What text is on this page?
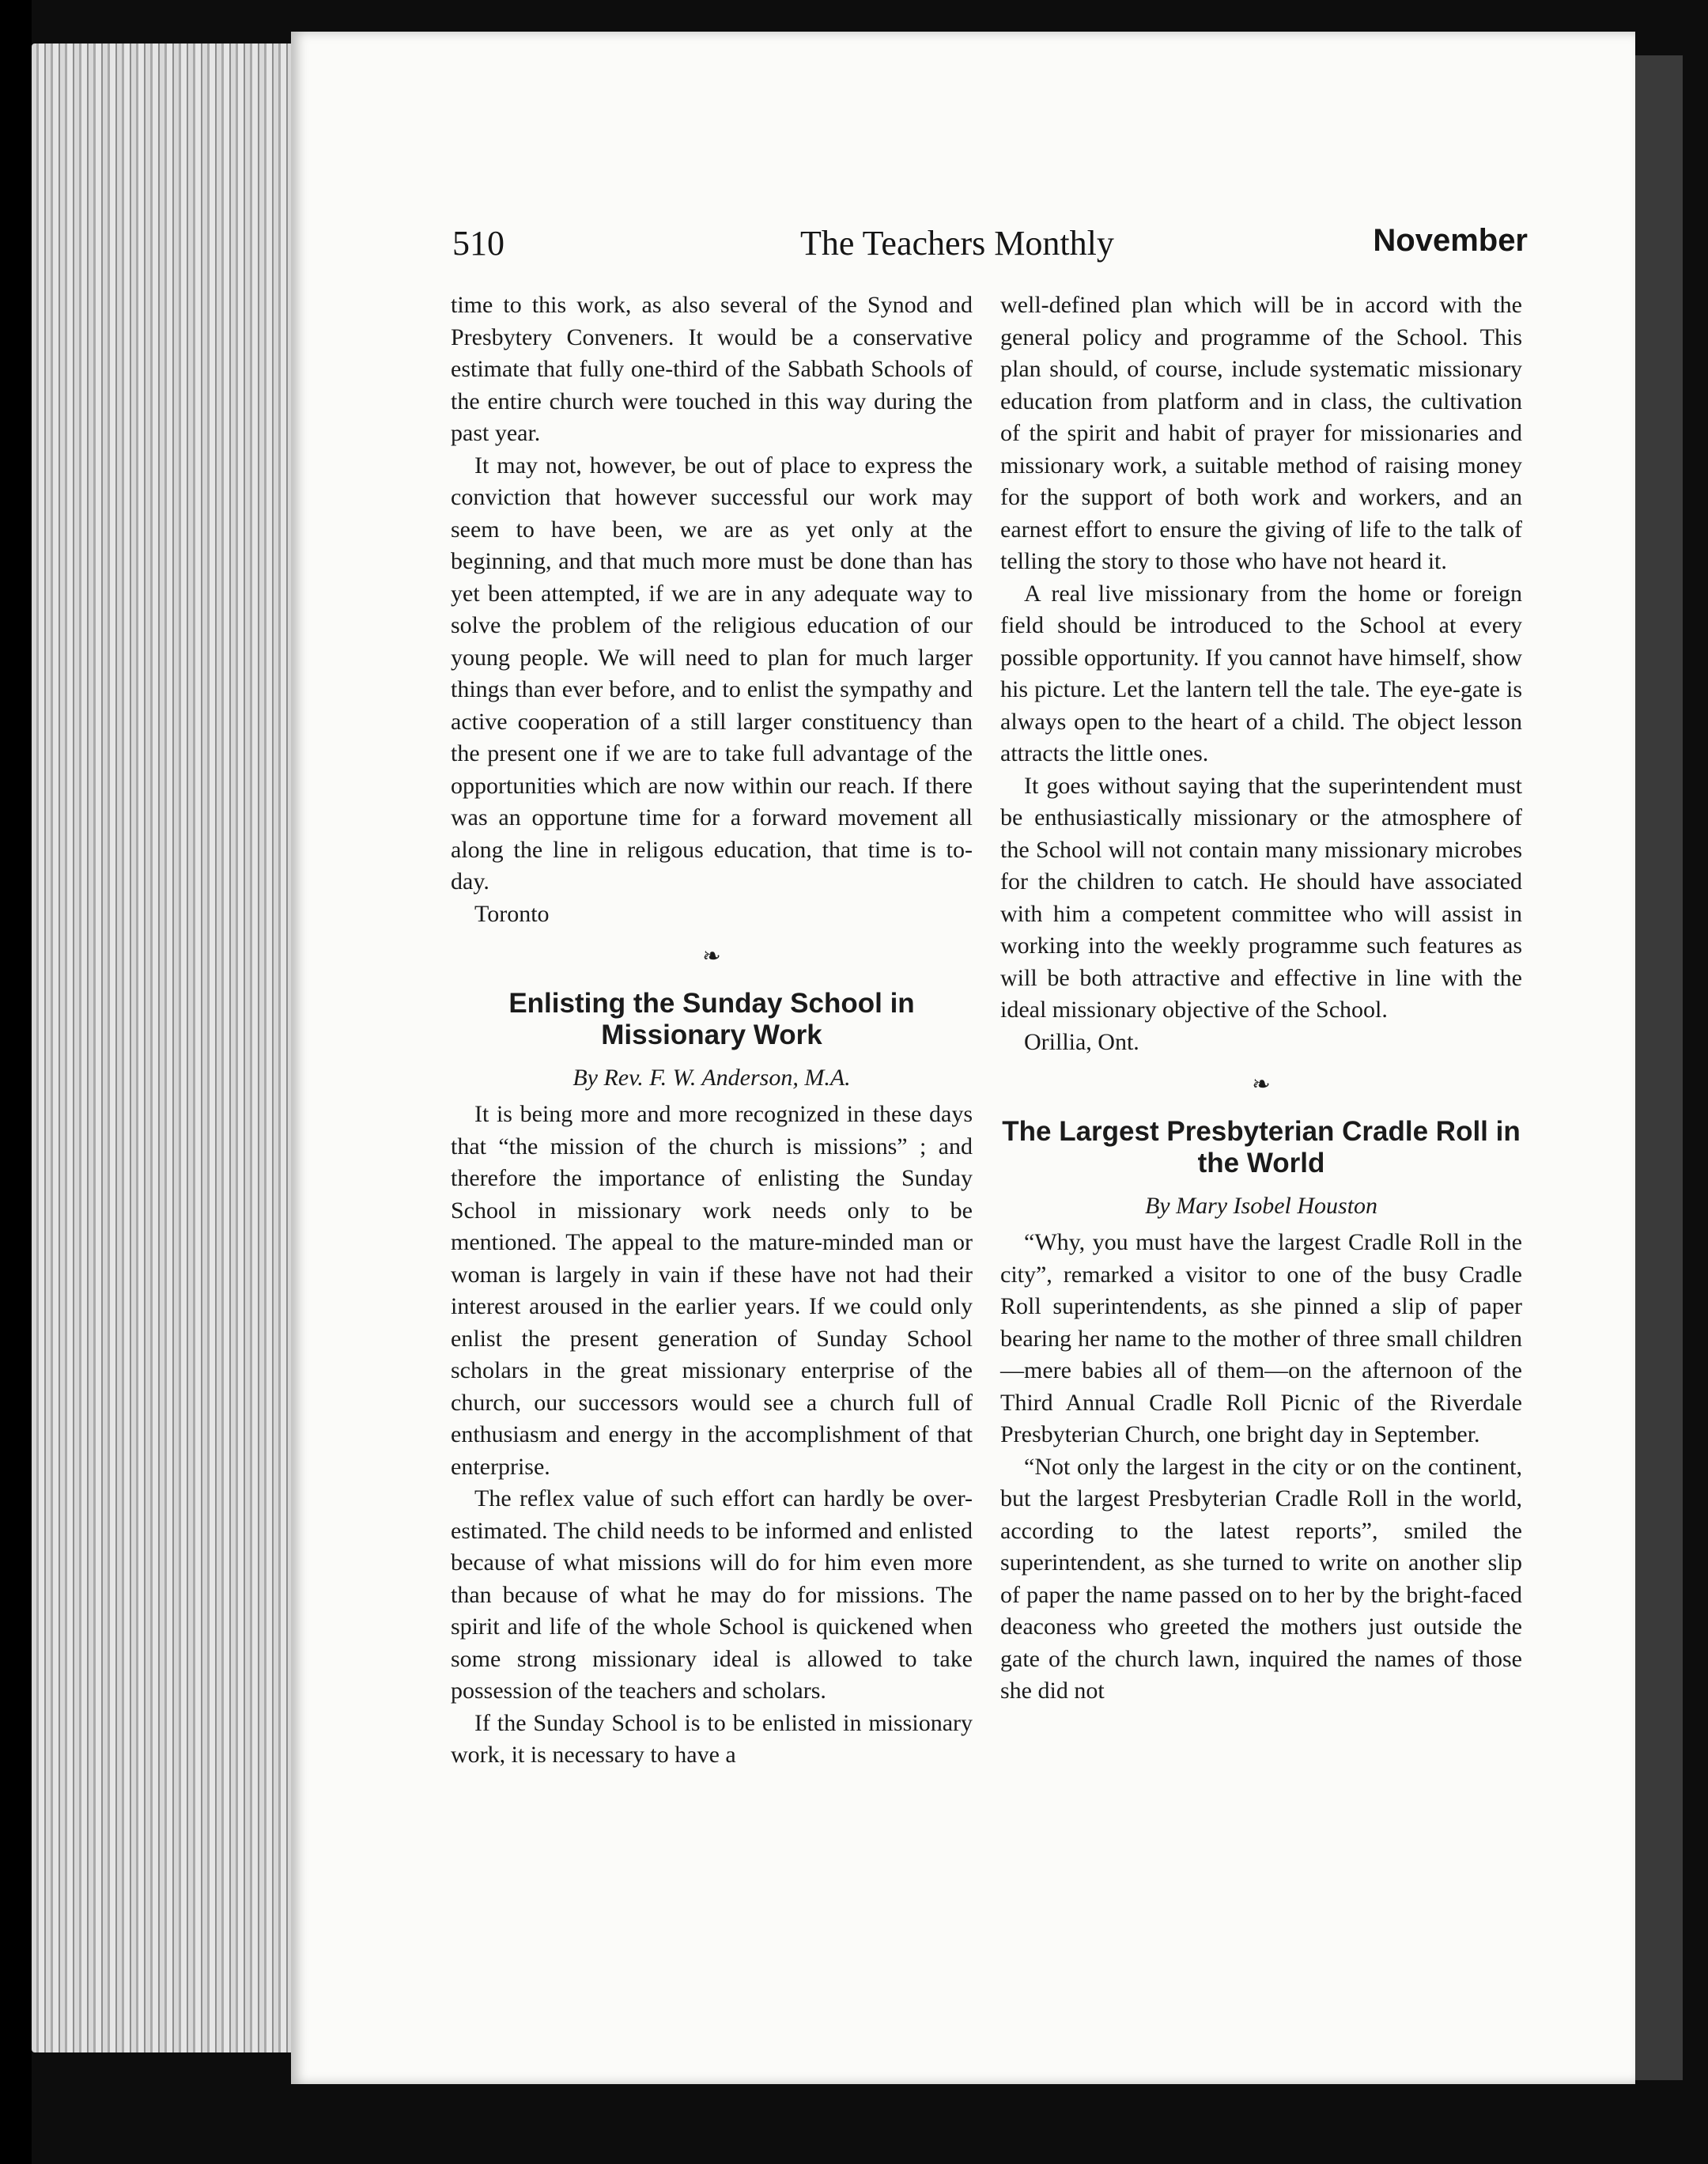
510	The Teachers Monthly	November

time to this work, as also several of the Synod and Presbytery Conveners. It would be a conservative estimate that fully one-third of the Sabbath Schools of the entire church were touched in this way during the past year.

It may not, however, be out of place to express the conviction that however successful our work may seem to have been, we are as yet only at the beginning, and that much more must be done than has yet been attempted, if we are in any adequate way to solve the problem of the religious education of our young people. We will need to plan for much larger things than ever before, and to enlist the sympathy and active cooperation of a still larger constituency than the present one if we are to take full advantage of the opportunities which are now within our reach. If there was an opportune time for a forward movement all along the line in religous education, that time is to-day.

Toronto

❧
Enlisting the Sunday School in Missionary Work
By Rev. F. W. Anderson, M.A.

It is being more and more recognized in these days that “the mission of the church is missions” ; and therefore the importance of enlisting the Sunday School in missionary work needs only to be mentioned. The appeal to the mature-minded man or woman is largely in vain if these have not had their interest aroused in the earlier years. If we could only enlist the present generation of Sunday School scholars in the great missionary enterprise of the church, our successors would see a church full of enthusiasm and energy in the accomplishment of that enterprise.

The reflex value of such effort can hardly be over-estimated. The child needs to be informed and enlisted because of what missions will do for him even more than because of what he may do for missions. The spirit and life of the whole School is quickened when some strong missionary ideal is allowed to take possession of the teachers and scholars.

If the Sunday School is to be enlisted in missionary work, it is necessary to have a

well-defined plan which will be in accord with the general policy and programme of the School. This plan should, of course, include systematic missionary education from platform and in class, the cultivation of the spirit and habit of prayer for missionaries and missionary work, a suitable method of raising money for the support of both work and workers, and an earnest effort to ensure the giving of life to the talk of telling the story to those who have not heard it.

A real live missionary from the home or foreign field should be introduced to the School at every possible opportunity. If you cannot have himself, show his picture. Let the lantern tell the tale. The eye-gate is always open to the heart of a child. The object lesson attracts the little ones.

It goes without saying that the superintendent must be enthusiastically missionary or the atmosphere of the School will not contain many missionary microbes for the children to catch. He should have associated with him a competent committee who will assist in working into the weekly programme such features as will be both attractive and effective in line with the ideal missionary objective of the School.

Orillia, Ont.

❧
The Largest Presbyterian Cradle Roll in the World
By Mary Isobel Houston

“Why, you must have the largest Cradle Roll in the city”, remarked a visitor to one of the busy Cradle Roll superintendents, as she pinned a slip of paper bearing her name to the mother of three small children—mere babies all of them—on the afternoon of the Third Annual Cradle Roll Picnic of the Riverdale Presbyterian Church, one bright day in September.

“Not only the largest in the city or on the continent, but the largest Presbyterian Cradle Roll in the world, according to the latest reports”, smiled the superintendent, as she turned to write on another slip of paper the name passed on to her by the bright-faced deaconess who greeted the mothers just outside the gate of the church lawn, inquired the names of those she did not
